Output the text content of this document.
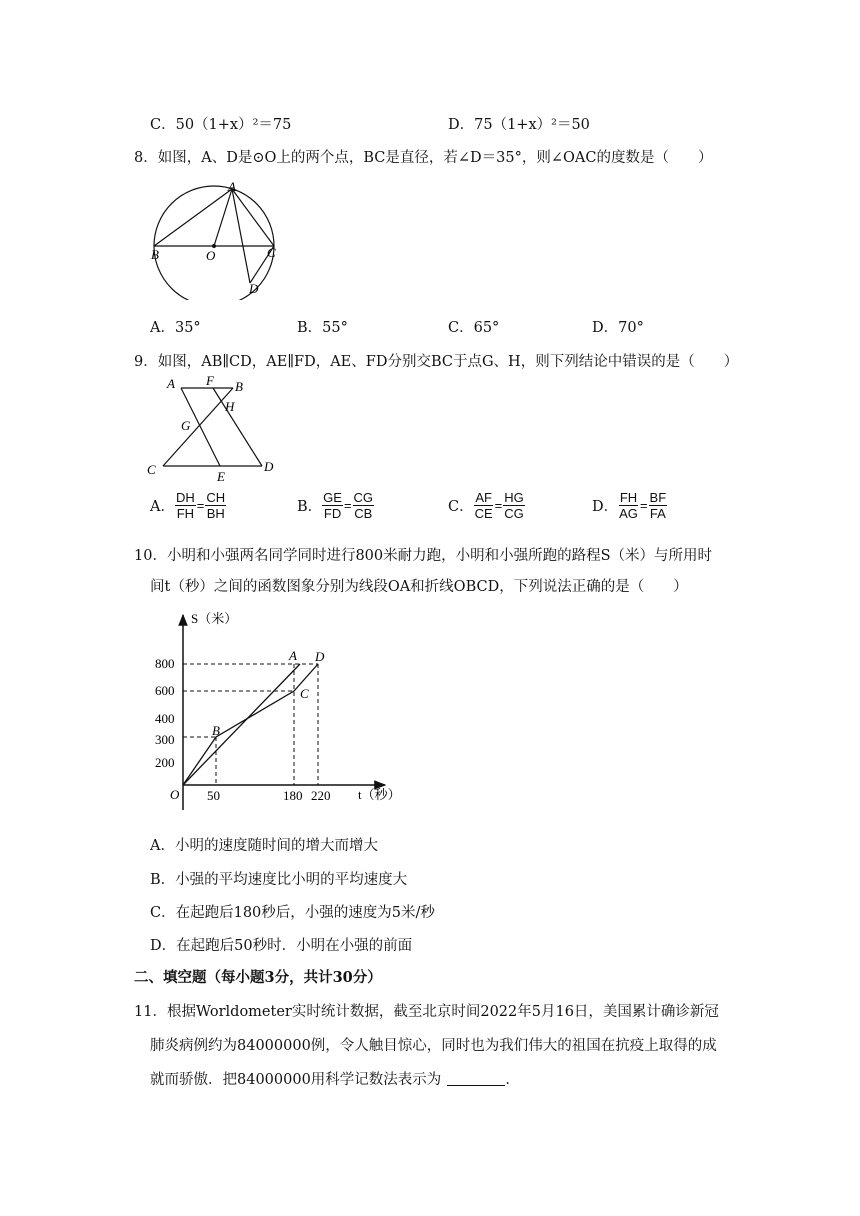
C．50（1+x）²＝75	D．75（1+x）²＝50
8．如图，A、D是⊙O上的两个点，BC是直径，若∠D＝35°，则∠OAC的度数是（　　）
A
B	O	C
D
A．35°	B．55°	C．65°	D．70°
9．如图，AB∥CD，AE∥FD，AE、FD分别交BC于点G、H，则下列结论中错误的是（　　）
A F B
H
G
C	E
D
A． $\frac{DH}{FH} = \frac{CH}{BH}$	B． $\frac{GE}{FD} = \frac{CG}{CB}$	C． $\frac{AF}{CE} = \frac{HG}{CG}$	D． $\frac{FH}{AG} = \frac{BF}{FA}$
10．小明和小强两名同学同时进行800米耐力跑，小明和小强所跑的路程S（米）与所用时
间t（秒）之间的函数图象分别为线段OA和折线OBCD，下列说法正确的是（　　）
S（米）
t（秒）
O
800
600
400
300
200
50	180 220
A
B
C
D
A．小明的速度随时间的增大而增大
B．小强的平均速度比小明的平均速度大
C．在起跑后180秒后，小强的速度为5米/秒
D．在起跑后50秒时．小明在小强的前面
二、填空题（每小题3分，共计30分）
11．根据Worldometer实时统计数据，截至北京时间2022年5月16日，美国累计确诊新冠
肺炎病例约为84000000例，令人触目惊心，同时也为我们伟大的祖国在抗疫上取得的成
就而骄傲．把84000000用科学记数法表示为	．
